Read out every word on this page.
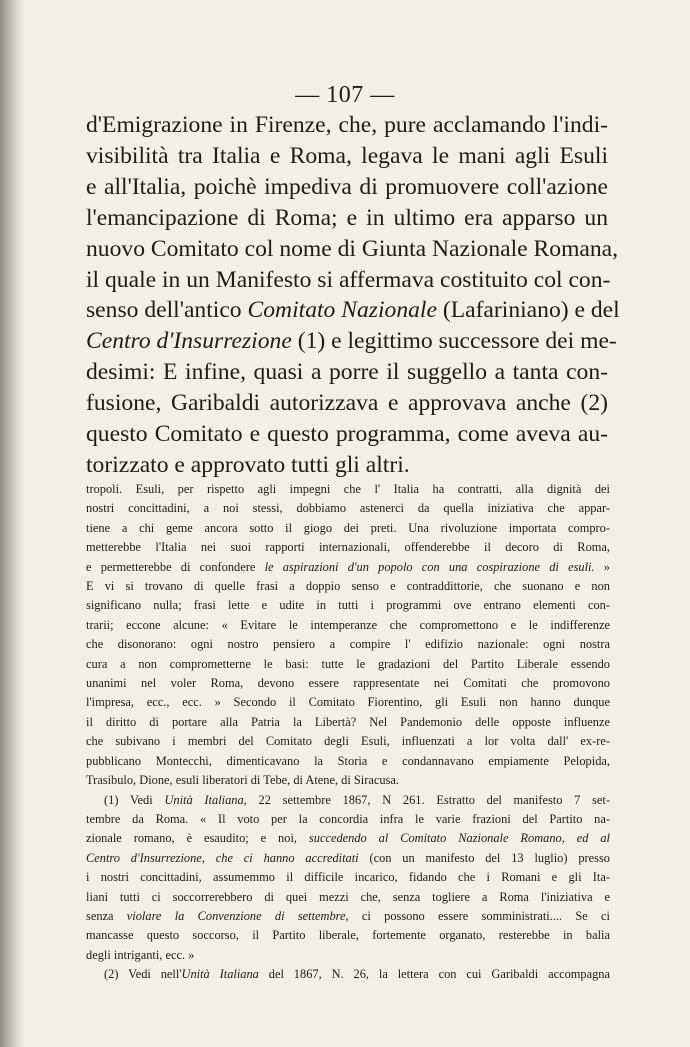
— 107 —
d'Emigrazione in Firenze, che, pure acclamando l'indi-
visibilità tra Italia e Roma, legava le mani agli Esuli
e all'Italia, poichè impediva di promuovere coll'azione
l'emancipazione di Roma; e in ultimo era apparso un
nuovo Comitato col nome di Giunta Nazionale Romana,
il quale in un Manifesto si affermava costituito col con-
senso dell'antico Comitato Nazionale (Lafariniano) e del
Centro d'Insurrezione (1) e legittimo successore dei me-
desimi: E infine, quasi a porre il suggello a tanta con-
fusione, Garibaldi autorizzava e approvava anche (2)
questo Comitato e questo programma, come aveva au-
torizzato e approvato tutti gli altri.
tropoli. Esuli, per rispetto agli impegni che l' Italia ha contratti, alla dignità dei
nostri concittadini, a noi stessi, dobbiamo astenerci da quella iniziativa che appar-
tiene a chi geme ancora sotto il giogo dei preti. Una rivoluzione importata compro-
metterebbe l'Italia nei suoi rapporti internazionali, offenderebbe il decoro di Roma,
e permetterebbe di confondere le aspirazioni d'un popolo con una cospirazione di esuli. »
E vi si trovano di quelle frasi a doppio senso e contraddittorie, che suonano e non
significano nulla; frasi lette e udite in tutti i programmi ove entrano elementi con-
trarii; eccone alcune: « Evitare le intemperanze che compromettono e le indifferenze
che disonorano: ogni nostro pensiero a compire l' edifizio nazionale: ogni nostra
cura a non comprometterne le basi: tutte le gradazioni del Partito Liberale essendo
unanimi nel voler Roma, devono essere rappresentate nei Comitati che promovono
l'impresa, ecc., ecc. » Secondo il Comitato Fiorentino, gli Esuli non hanno dunque
il diritto di portare alla Patria la Libertà? Nel Pandemonio delle opposte influenze
che subivano i membri del Comitato degli Esuli, influenzati a lor volta dall' ex-re-
pubblicano Montecchi, dimenticavano la Storia e condannavano empiamente Pelopida,
Trasibulo, Dione, esuli liberatori di Tebe, di Atene, di Siracusa.
(1) Vedi Unità Italiana, 22 settembre 1867, N 261. Estratto del manifesto 7 set-
tembre da Roma. « Il voto per la concordia infra le varie frazioni del Partito na-
zionale romano, è esaudito; e noi, succedendo al Comitato Nazionale Romano, ed al
Centro d'Insurrezione, che ci hanno accreditati (con un manifesto del 13 luglio) presso
i nostri concittadini, assumemmo il difficile incarico, fidando che i Romani e gli Ita-
liani tutti ci soccorrerebbero di quei mezzi che, senza togliere a Roma l'iniziativa e
senza violare la Convenzione di settembre, ci possono essere somministrati.... Se ci
mancasse questo soccorso, il Partito liberale, fortemente organato, resterebbe in balìa
degli intriganti, ecc. »
(2) Vedi nell'Unità Italiana del 1867, N. 26, la lettera con cui Garibaldi accompagna
